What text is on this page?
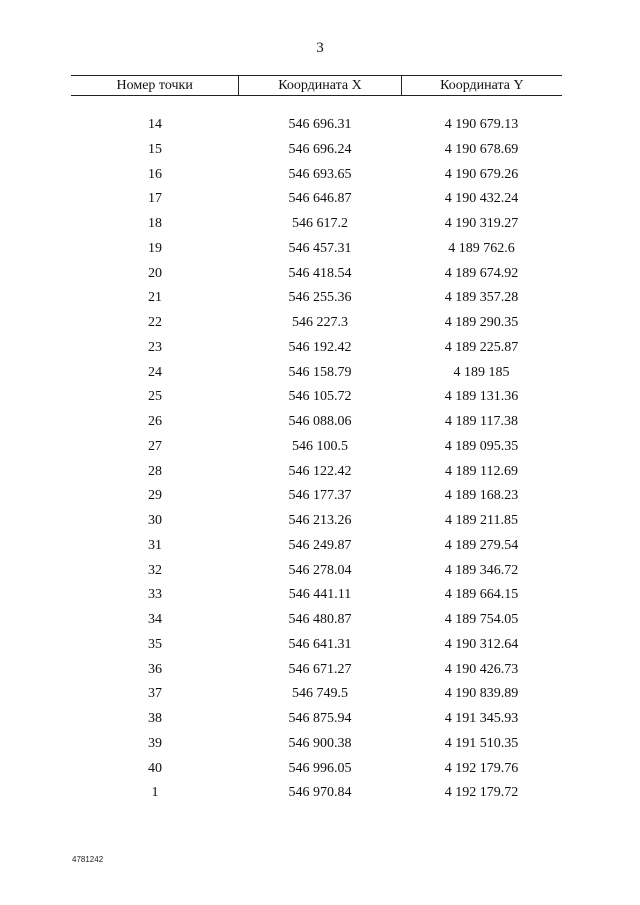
3
Номер точки	Координата X	Координата Y
14	546 696.31	4 190 679.13
15	546 696.24	4 190 678.69
16	546 693.65	4 190 679.26
17	546 646.87	4 190 432.24
18	546 617.2	4 190 319.27
19	546 457.31	4 189 762.6
20	546 418.54	4 189 674.92
21	546 255.36	4 189 357.28
22	546 227.3	4 189 290.35
23	546 192.42	4 189 225.87
24	546 158.79	4 189 185
25	546 105.72	4 189 131.36
26	546 088.06	4 189 117.38
27	546 100.5	4 189 095.35
28	546 122.42	4 189 112.69
29	546 177.37	4 189 168.23
30	546 213.26	4 189 211.85
31	546 249.87	4 189 279.54
32	546 278.04	4 189 346.72
33	546 441.11	4 189 664.15
34	546 480.87	4 189 754.05
35	546 641.31	4 190 312.64
36	546 671.27	4 190 426.73
37	546 749.5	4 190 839.89
38	546 875.94	4 191 345.93
39	546 900.38	4 191 510.35
40	546 996.05	4 192 179.76
1	546 970.84	4 192 179.72
4781242
